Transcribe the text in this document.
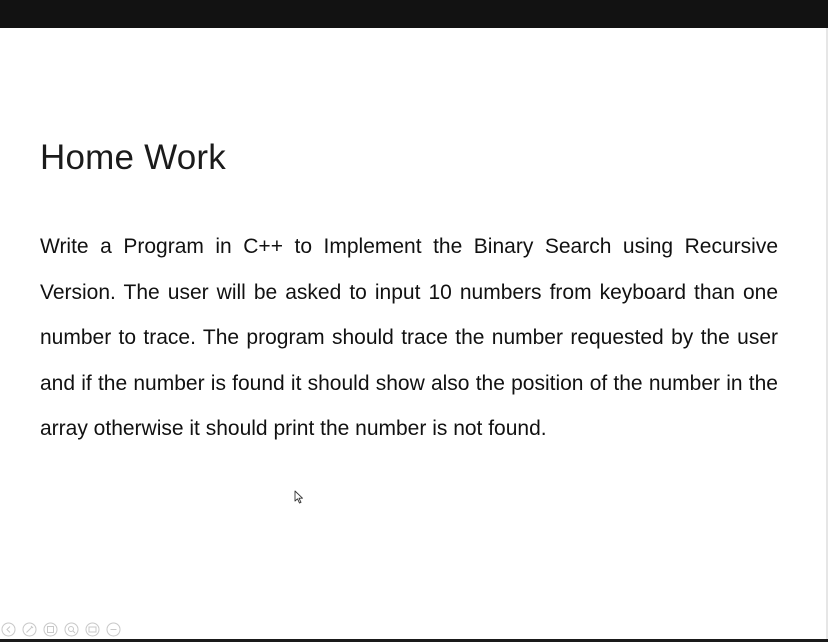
Home Work

Write a Program in C++ to Implement the Binary Search using Recursive Version. The user will be asked to input 10 numbers from keyboard than one number to trace. The program should trace the number requested by the user and if the number is found it should show also the position of the number in the array otherwise it should print the number is not found.
